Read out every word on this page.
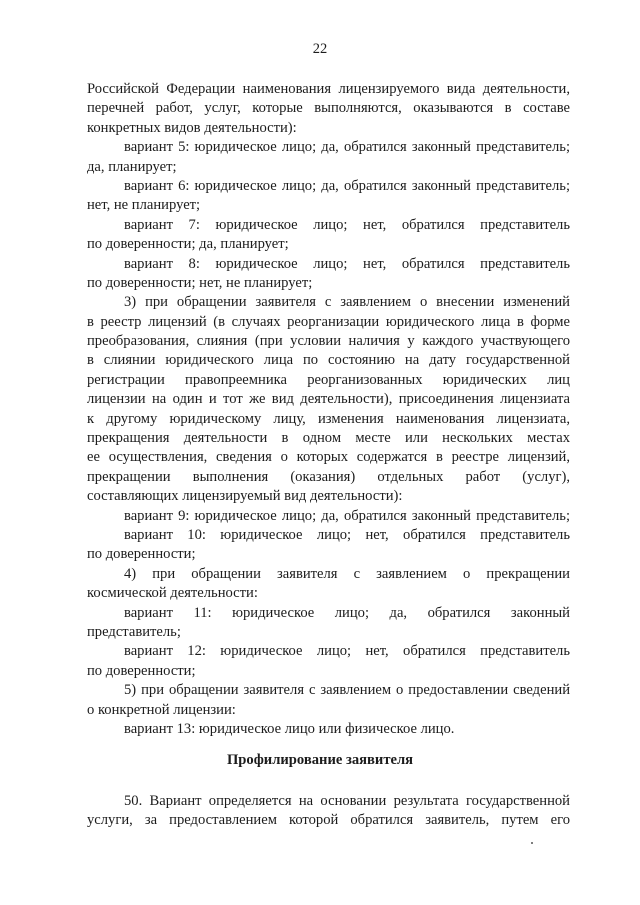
22
Российской Федерации наименования лицензируемого вида деятельности,
перечней работ, услуг, которые выполняются, оказываются в составе
конкретных видов деятельности):
вариант 5: юридическое лицо; да, обратился законный представитель;
да, планирует;
вариант 6: юридическое лицо; да, обратился законный представитель;
нет, не планирует;
вариант 7: юридическое лицо; нет, обратился представитель
по доверенности; да, планирует;
вариант 8: юридическое лицо; нет, обратился представитель
по доверенности; нет, не планирует;
3) при обращении заявителя с заявлением о внесении изменений
в реестр лицензий (в случаях реорганизации юридического лица в форме
преобразования, слияния (при условии наличия у каждого участвующего
в слиянии юридического лица по состоянию на дату государственной
регистрации правопреемника реорганизованных юридических лиц
лицензии на один и тот же вид деятельности), присоединения лицензиата
к другому юридическому лицу, изменения наименования лицензиата,
прекращения деятельности в одном месте или нескольких местах
ее осуществления, сведения о которых содержатся в реестре лицензий,
прекращении выполнения (оказания) отдельных работ (услуг),
составляющих лицензируемый вид деятельности):
вариант 9: юридическое лицо; да, обратился законный представитель;
вариант 10: юридическое лицо; нет, обратился представитель
по доверенности;
4) при обращении заявителя с заявлением о прекращении
космической деятельности:
вариант 11: юридическое лицо; да, обратился законный
представитель;
вариант 12: юридическое лицо; нет, обратился представитель
по доверенности;
5) при обращении заявителя с заявлением о предоставлении сведений
о конкретной лицензии:
вариант 13: юридическое лицо или физическое лицо.
Профилирование заявителя
50. Вариант определяется на основании результата государственной
услуги, за предоставлением которой обратился заявитель, путем его
